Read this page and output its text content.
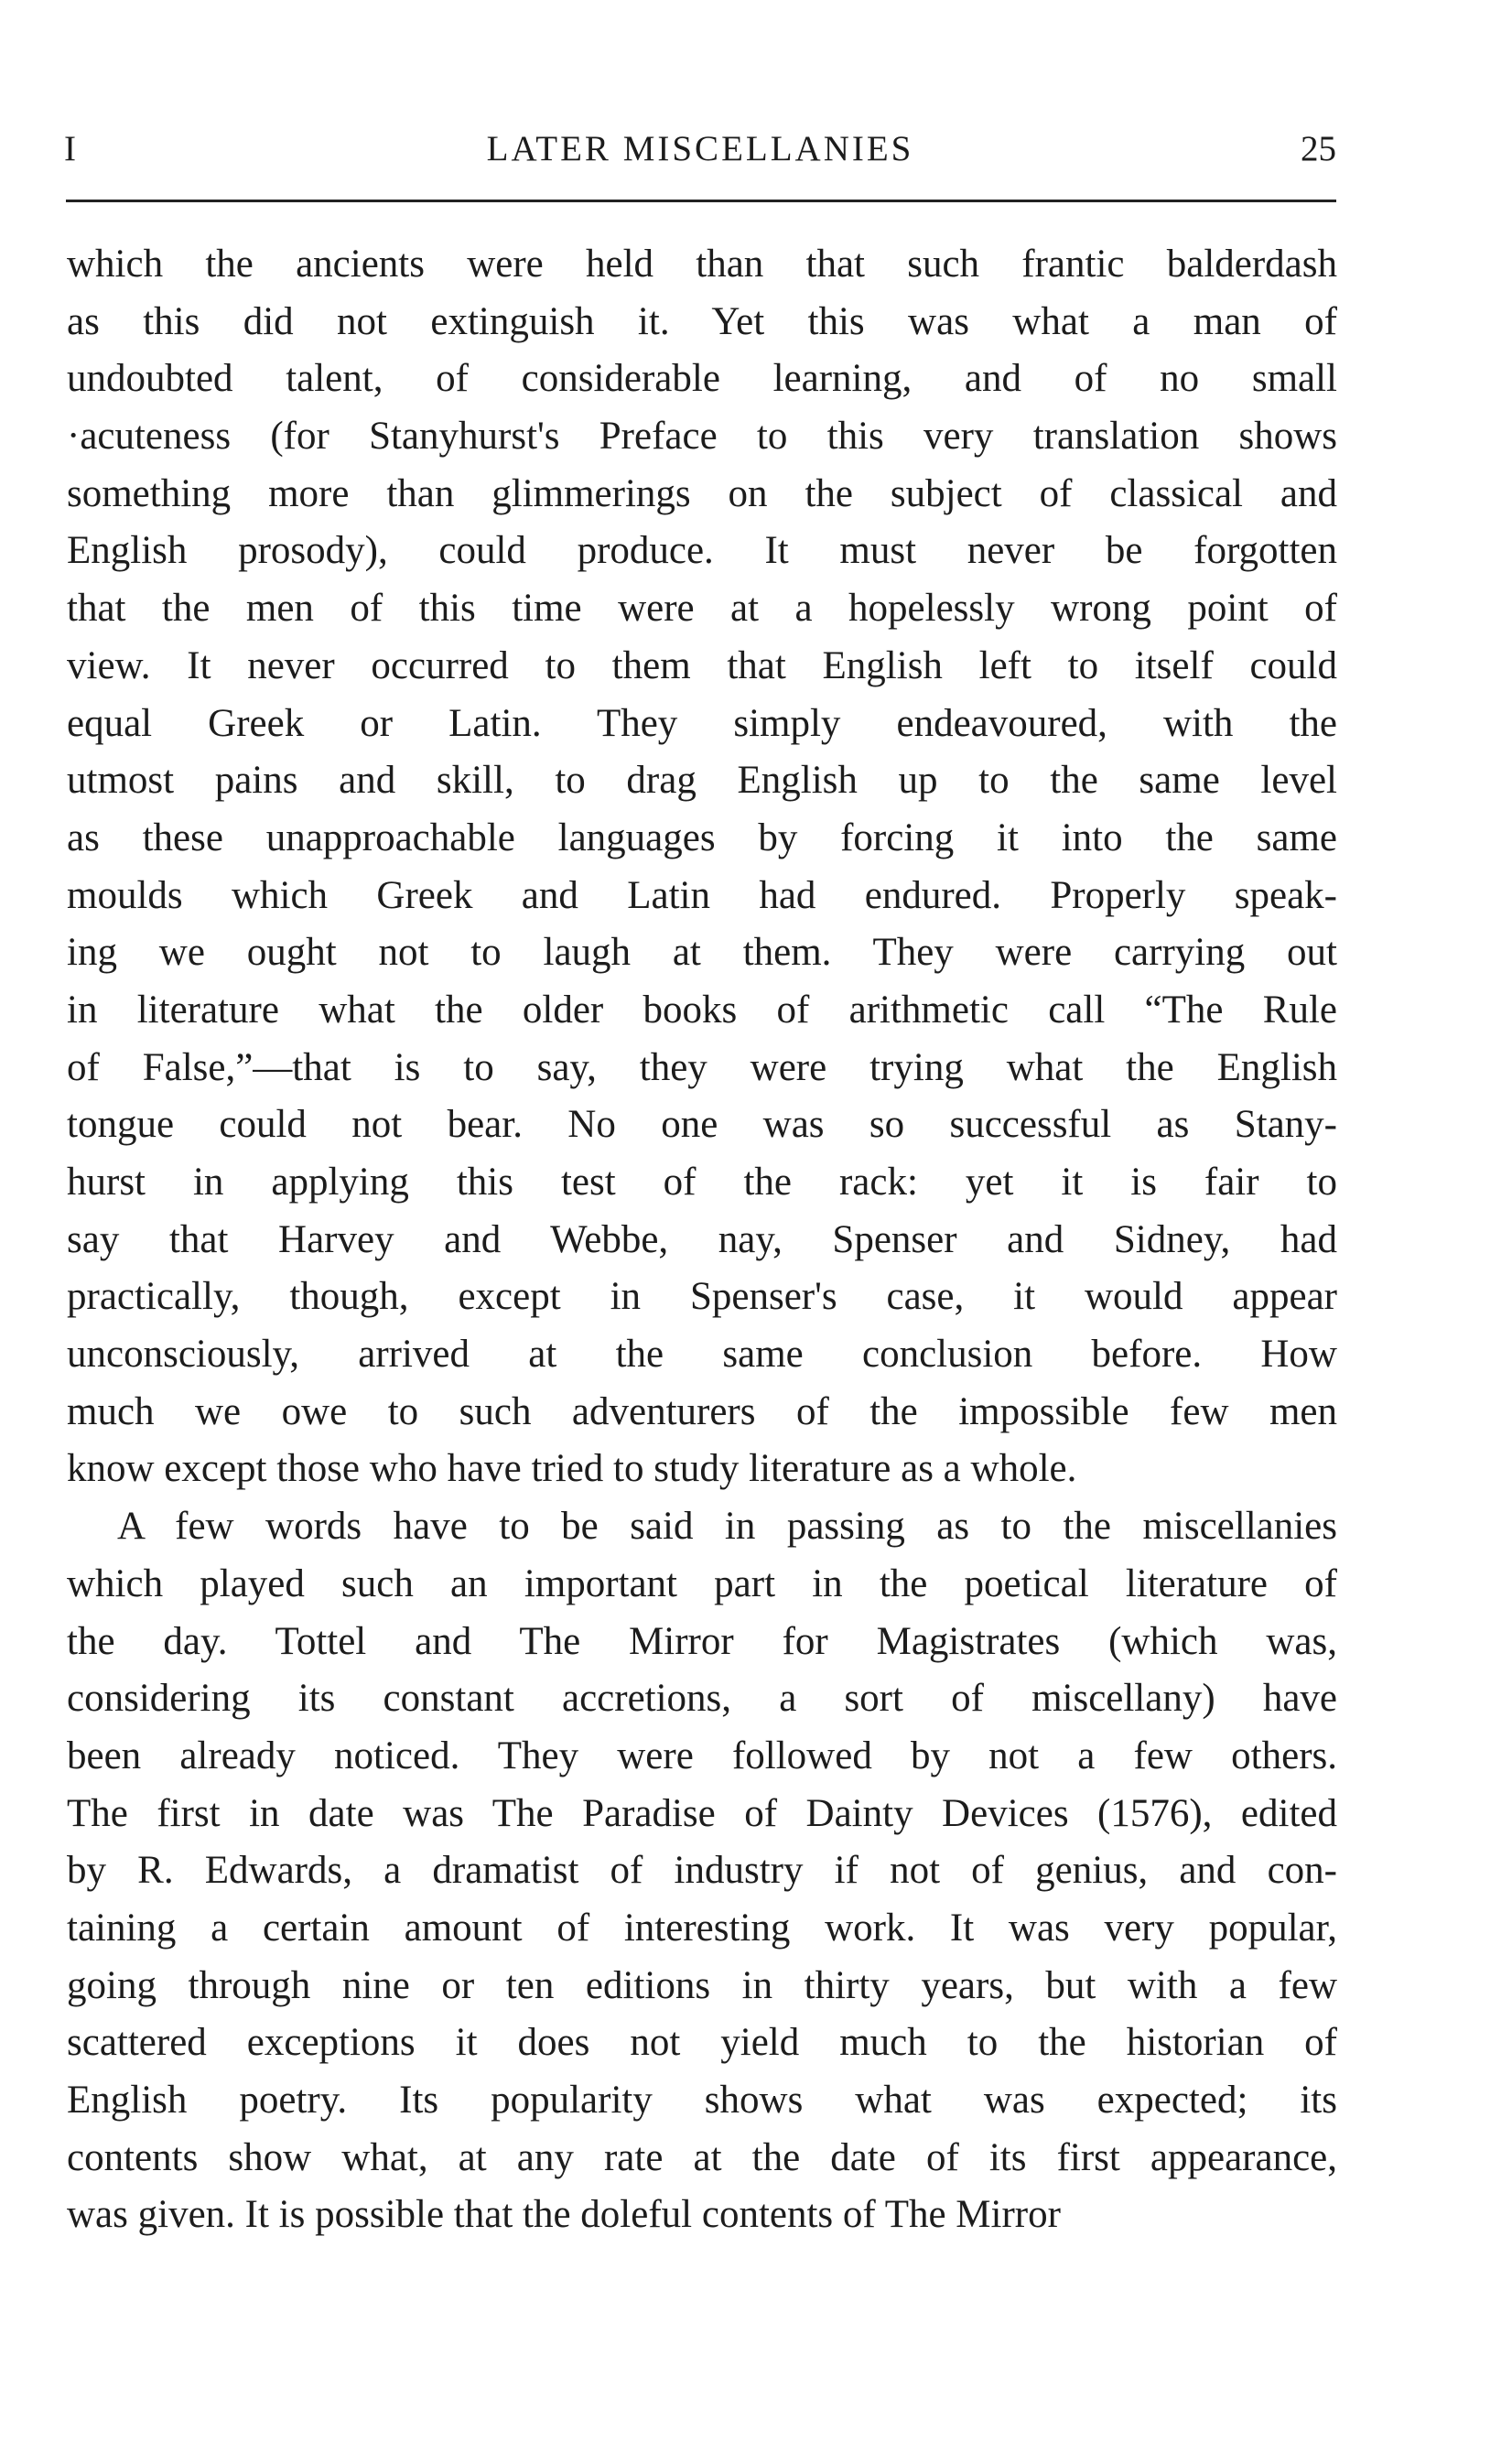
I	LATER MISCELLANIES	25
which the ancients were held than that such frantic balderdash
as this did not extinguish it. Yet this was what a man of
undoubted talent, of considerable learning, and of no small
·acuteness (for Stanyhurst's Preface to this very translation shows
something more than glimmerings on the subject of classical and
English prosody), could produce. It must never be forgotten
that the men of this time were at a hopelessly wrong point of
view. It never occurred to them that English left to itself could
equal Greek or Latin. They simply endeavoured, with the
utmost pains and skill, to drag English up to the same level
as these unapproachable languages by forcing it into the same
moulds which Greek and Latin had endured. Properly speak-
ing we ought not to laugh at them. They were carrying out
in literature what the older books of arithmetic call “The Rule
of False,”—that is to say, they were trying what the English
tongue could not bear. No one was so successful as Stany-
hurst in applying this test of the rack: yet it is fair to
say that Harvey and Webbe, nay, Spenser and Sidney, had
practically, though, except in Spenser's case, it would appear
unconsciously, arrived at the same conclusion before. How
much we owe to such adventurers of the impossible few men
know except those who have tried to study literature as a whole.
A few words have to be said in passing as to the miscellanies
which played such an important part in the poetical literature of
the day. Tottel and The Mirror for Magistrates (which was,
considering its constant accretions, a sort of miscellany) have
been already noticed. They were followed by not a few others.
The first in date was The Paradise of Dainty Devices (1576), edited
by R. Edwards, a dramatist of industry if not of genius, and con-
taining a certain amount of interesting work. It was very popular,
going through nine or ten editions in thirty years, but with a few
scattered exceptions it does not yield much to the historian of
English poetry. Its popularity shows what was expected; its
contents show what, at any rate at the date of its first appearance,
was given. It is possible that the doleful contents of The Mirror
